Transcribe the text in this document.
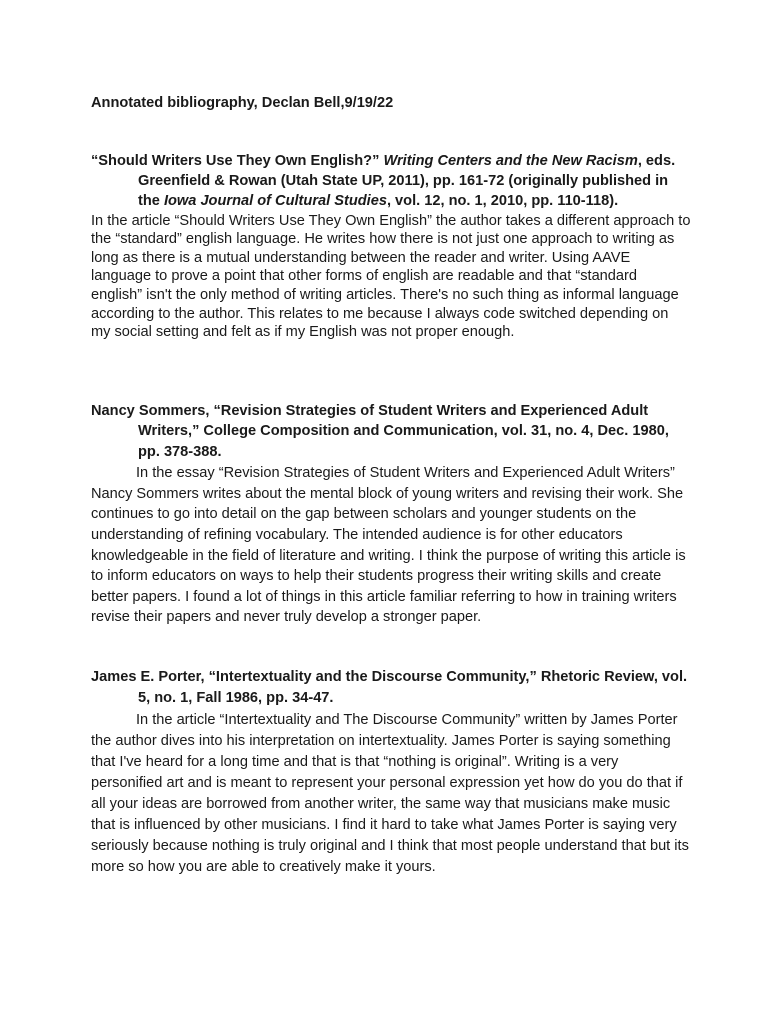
Annotated bibliography, Declan Bell,9/19/22
“Should Writers Use They Own English?” Writing Centers and the New Racism, eds. Greenfield & Rowan (Utah State UP, 2011), pp. 161-72 (originally published in the Iowa Journal of Cultural Studies, vol. 12, no. 1, 2010, pp. 110-118).

In the article “Should Writers Use They Own English” the author takes a different approach to the “standard” english language. He writes how there is not just one approach to writing as long as there is a mutual understanding between the reader and writer. Using AAVE language to prove a point that other forms of english are readable and that “standard english” isn't the only method of writing articles. There's no such thing as informal language according to the author. This relates to me because I always code switched depending on my social setting and felt as if my English was not proper enough.

Nancy Sommers, “Revision Strategies of Student Writers and Experienced Adult Writers,” College Composition and Communication, vol. 31, no. 4, Dec. 1980, pp. 378-388.

In the essay “Revision Strategies of Student Writers and Experienced Adult Writers” Nancy Sommers writes about the mental block of young writers and revising their work. She continues to go into detail on the gap between scholars and younger students on the understanding of refining vocabulary. The intended audience is for other educators knowledgeable in the field of literature and writing. I think the purpose of writing this article is to inform educators on ways to help their students progress their writing skills and create better papers. I found a lot of things in this article familiar referring to how in training writers revise their papers and never truly develop a stronger paper.

James E. Porter, “Intertextuality and the Discourse Community,” Rhetoric Review, vol. 5, no. 1, Fall 1986, pp. 34-47.

In the article “Intertextuality and The Discourse Community” written by James Porter the author dives into his interpretation on intertextuality. James Porter is saying something that I've heard for a long time and that is that “nothing is original”. Writing is a very personified art and is meant to represent your personal expression yet how do you do that if all your ideas are borrowed from another writer, the same way that musicians make music that is influenced by other musicians. I find it hard to take what James Porter is saying very seriously because nothing is truly original and I think that most people understand that but its more so how you are able to creatively make it yours.
